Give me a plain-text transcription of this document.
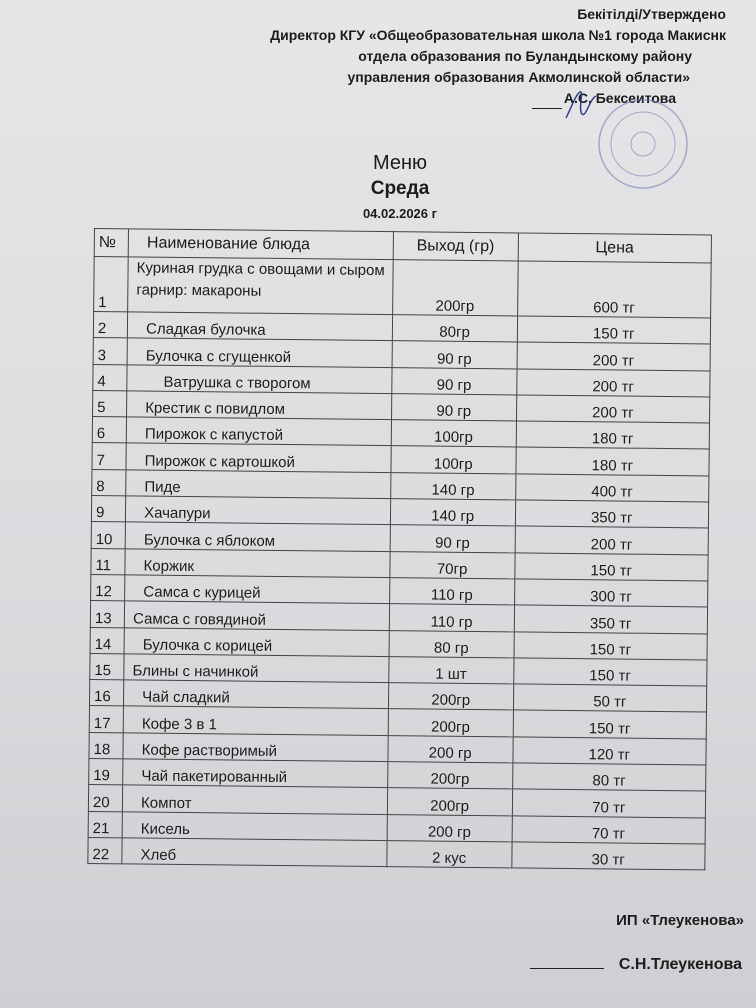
Бекітілді/Утверждено
Директор КГУ «Общеобразовательная школа №1 города Макиснк
отдела образования по Буландынскому району
управления образования Акмолинской области»
А.С. Бексеитова
Меню
Среда
04.02.2026 г
№	Наименование блюда	Выход (гр)	Цена
1	Куриная грудка с овощами и сыром гарнир: макароны	200гр	600 тг
2	Сладкая булочка	80гр	150 тг
3	Булочка с сгущенкой	90 гр	200 тг
4	Ватрушка с творогом	90 гр	200 тг
5	Крестик с повидлом	90 гр	200 тг
6	Пирожок с капустой	100гр	180 тг
7	Пирожок с картошкой	100гр	180 тг
8	Пиде	140 гр	400 тг
9	Хачапури	140 гр	350 тг
10	Булочка с яблоком	90 гр	200 тг
11	Коржик	70гр	150 тг
12	Самса с курицей	110 гр	300 тг
13	Самса с говядиной	110 гр	350 тг
14	Булочка с корицей	80 гр	150 тг
15	Блины с начинкой	1 шт	150 тг
16	Чай сладкий	200гр	50 тг
17	Кофе 3 в 1	200гр	150 тг
18	Кофе растворимый	200 гр	120 тг
19	Чай пакетированный	200гр	80 тг
20	Компот	200гр	70 тг
21	Кисель	200 гр	70 тг
22	Хлеб	2 кус	30 тг
ИП «Тлеукенова»
С.Н.Тлеукенова
